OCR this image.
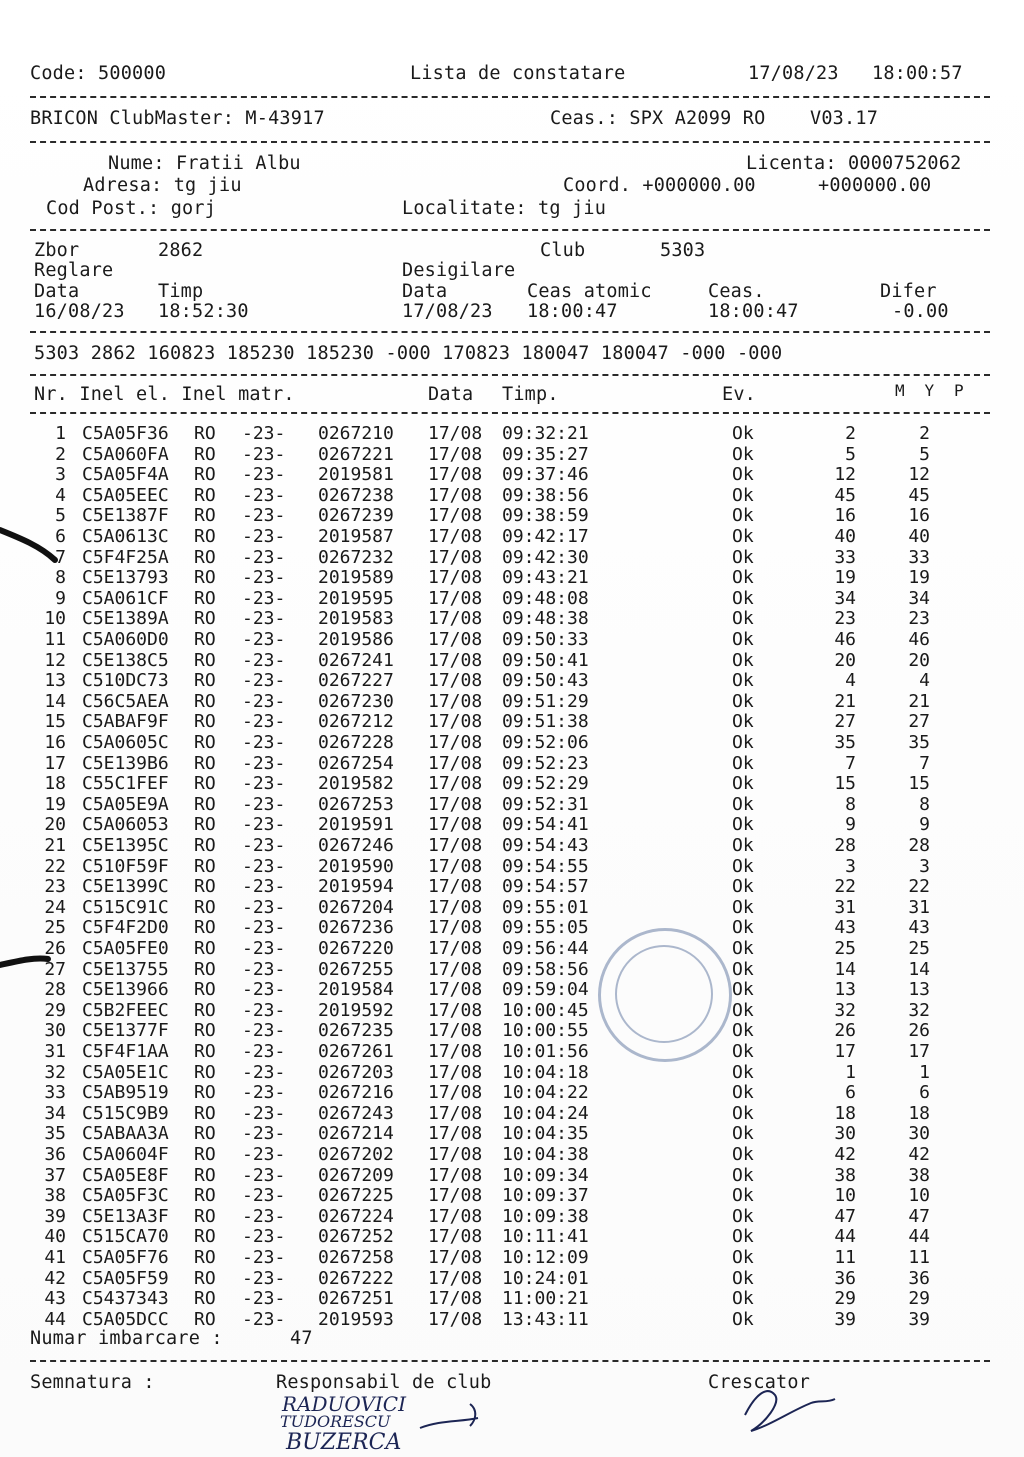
Code: 500000	Lista de constatare	17/08/23 18:00:57
BRICON ClubMaster: M-43917	Ceas.: SPX A2099 RO V03.17
Nume: Fratii Albu	Licenta: 0000752062
Adresa: tg jiu	Coord. +000000.00	+000000.00
Cod Post.: gorj	Localitate: tg jiu
Zbor	2862	Club	5303
Reglare	Desigilare
Data	Timp	Data	Ceas atomic	Ceas.	Difer
16/08/23 18:52:30	17/08/23 18:00:47	18:00:47	-0.00
5303 2862 160823 185230 185230 -000 170823 180047 180047 -000 -000
Nr. Inel el. Inel matr.	Data Timp.	Ev.	M  Y  P
1 C5A05F36 RO -23- 0267210 17/08 09:32:21	Ok	2	2
2 C5A060FA RO -23- 0267221 17/08 09:35:27	Ok	5	5
3 C5A05F4A RO -23- 2019581 17/08 09:37:46	Ok	12	12
4 C5A05EEC RO -23- 0267238 17/08 09:38:56	Ok	45	45
5 C5E1387F RO -23- 0267239 17/08 09:38:59	Ok	16	16
6 C5A0613C RO -23- 2019587 17/08 09:42:17	Ok	40	40
7 C5F4F25A RO -23- 0267232 17/08 09:42:30	Ok	33	33
8 C5E13793 RO -23- 2019589 17/08 09:43:21	Ok	19	19
9 C5A061CF RO -23- 2019595 17/08 09:48:08	Ok	34	34
10 C5E1389A RO -23- 2019583 17/08 09:48:38	Ok	23	23
11 C5A060D0 RO -23- 2019586 17/08 09:50:33	Ok	46	46
12 C5E138C5 RO -23- 0267241 17/08 09:50:41	Ok	20	20
13 C510DC73 RO -23- 0267227 17/08 09:50:43	Ok	4	4
14 C56C5AEA RO -23- 0267230 17/08 09:51:29	Ok	21	21
15 C5ABAF9F RO -23- 0267212 17/08 09:51:38	Ok	27	27
16 C5A0605C RO -23- 0267228 17/08 09:52:06	Ok	35	35
17 C5E139B6 RO -23- 0267254 17/08 09:52:23	Ok	7	7
18 C55C1FEF RO -23- 2019582 17/08 09:52:29	Ok	15	15
19 C5A05E9A RO -23- 0267253 17/08 09:52:31	Ok	8	8
20 C5A06053 RO -23- 2019591 17/08 09:54:41	Ok	9	9
21 C5E1395C RO -23- 0267246 17/08 09:54:43	Ok	28	28
22 C510F59F RO -23- 2019590 17/08 09:54:55	Ok	3	3
23 C5E1399C RO -23- 2019594 17/08 09:54:57	Ok	22	22
24 C515C91C RO -23- 0267204 17/08 09:55:01	Ok	31	31
25 C5F4F2D0 RO -23- 0267236 17/08 09:55:05	Ok	43	43
26 C5A05FE0 RO -23- 0267220 17/08 09:56:44	Ok	25	25
27 C5E13755 RO -23- 0267255 17/08 09:58:56	Ok	14	14
28 C5E13966 RO -23- 2019584 17/08 09:59:04	Ok	13	13
29 C5B2FEEC RO -23- 2019592 17/08 10:00:45	Ok	32	32
30 C5E1377F RO -23- 0267235 17/08 10:00:55	Ok	26	26
31 C5F4F1AA RO -23- 0267261 17/08 10:01:56	Ok	17	17
32 C5A05E1C RO -23- 0267203 17/08 10:04:18	Ok	1	1
33 C5AB9519 RO -23- 0267216 17/08 10:04:22	Ok	6	6
34 C515C9B9 RO -23- 0267243 17/08 10:04:24	Ok	18	18
35 C5ABAA3A RO -23- 0267214 17/08 10:04:35	Ok	30	30
36 C5A0604F RO -23- 0267202 17/08 10:04:38	Ok	42	42
37 C5A05E8F RO -23- 0267209 17/08 10:09:34	Ok	38	38
38 C5A05F3C RO -23- 0267225 17/08 10:09:37	Ok	10	10
39 C5E13A3F RO -23- 0267224 17/08 10:09:38	Ok	47	47
40 C515CA70 RO -23- 0267252 17/08 10:11:41	Ok	44	44
41 C5A05F76 RO -23- 0267258 17/08 10:12:09	Ok	11	11
42 C5A05F59 RO -23- 0267222 17/08 10:24:01	Ok	36	36
43 C5437343 RO -23- 0267251 17/08 11:00:21	Ok	29	29
44 C5A05DCC RO -23- 2019593 17/08 13:43:11	Ok	39	39
Numar imbarcare :	47
Semnatura :	Responsabil de club	Crescator
RADUOVICI
TUDORESCU
BUZERCA
